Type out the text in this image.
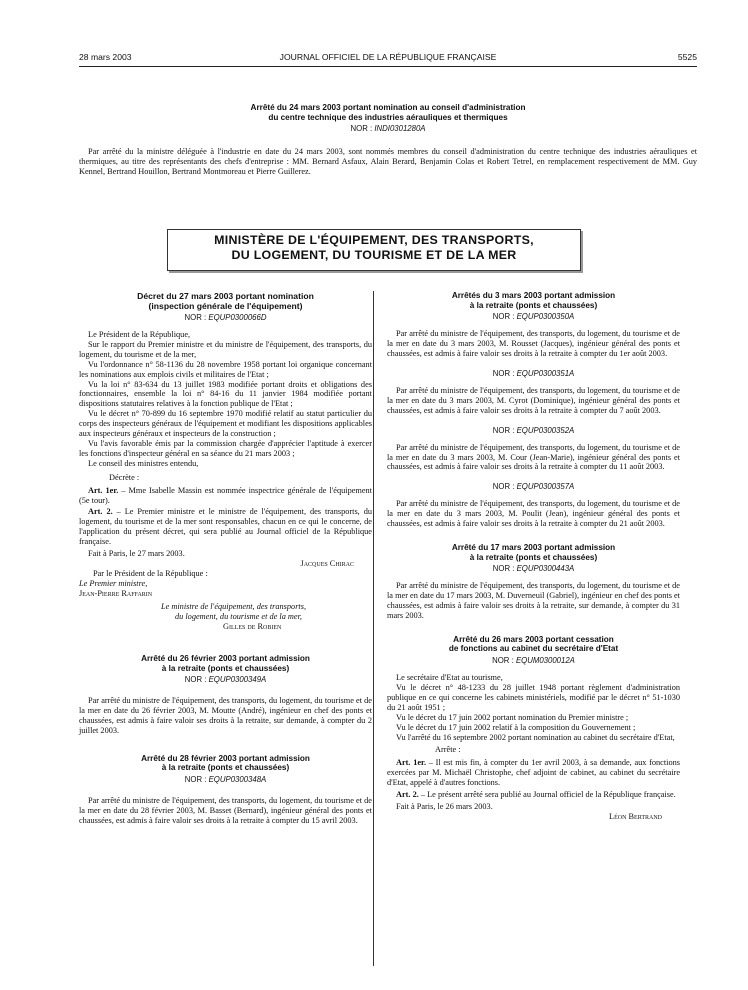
28 mars 2003	JOURNAL OFFICIEL DE LA RÉPUBLIQUE FRANÇAISE	5525
Arrêté du 24 mars 2003 portant nomination au conseil d'administration
du centre technique des industries aérauliques et thermiques
NOR : INDI0301280A

Par arrêté du la ministre déléguée à l'industrie en date du 24 mars 2003, sont nommés membres du conseil d'administration du centre technique des industries aérauliques et thermiques, au titre des représentants des chefs d'entreprise : MM. Bernard Asfaux, Alain Berard, Benjamin Colas et Robert Tetrel, en remplacement respectivement de MM. Guy Kennel, Bertrand Houillon, Bertrand Montmoreau et Pierre Guillerez.

MINISTÈRE DE L'ÉQUIPEMENT, DES TRANSPORTS,
DU LOGEMENT, DU TOURISME ET DE LA MER
Décret du 27 mars 2003 portant nomination
(inspection générale de l'équipement)
NOR : EQUP0300066D

Le Président de la République,

Sur le rapport du Premier ministre et du ministre de l'équipement, des transports, du logement, du tourisme et de la mer,

Vu l'ordonnance n° 58-1136 du 28 novembre 1958 portant loi organique concernant les nominations aux emplois civils et militaires de l'Etat ;

Vu la loi n° 83-634 du 13 juillet 1983 modifiée portant droits et obligations des fonctionnaires, ensemble la loi n° 84-16 du 11 janvier 1984 modifiée portant dispositions statutaires relatives à la fonction publique de l'Etat ;

Vu le décret n° 70-899 du 16 septembre 1970 modifié relatif au statut particulier du corps des inspecteurs généraux de l'équipement et modifiant les dispositions applicables aux inspecteurs généraux et inspecteurs de la construction ;

Vu l'avis favorable émis par la commission chargée d'apprécier l'aptitude à exercer les fonctions d'inspecteur général en sa séance du 21 mars 2003 ;

Le conseil des ministres entendu,

Décrète :

Art. 1er. – Mme Isabelle Massin est nommée inspectrice générale de l'équipement (5e tour).

Art. 2. – Le Premier ministre et le ministre de l'équipement, des transports, du logement, du tourisme et de la mer sont responsables, chacun en ce qui le concerne, de l'application du présent décret, qui sera publié au Journal officiel de la République française.

Fait à Paris, le 27 mars 2003.

Jacques Chirac
Par le Président de la République :
Le Premier ministre,
Jean-Pierre Raffarin
Le ministre de l'équipement, des transports,
du logement, du tourisme et de la mer,
Gilles de Robien
Arrêté du 26 février 2003 portant admission
à la retraite (ponts et chaussées)
NOR : EQUP0300349A

Par arrêté du ministre de l'équipement, des transports, du logement, du tourisme et de la mer en date du 26 février 2003, M. Moutte (André), ingénieur en chef des ponts et chaussées, est admis à faire valoir ses droits à la retraite, sur demande, à compter du 2 juillet 2003.

Arrêté du 28 février 2003 portant admission
à la retraite (ponts et chaussées)
NOR : EQUP0300348A

Par arrêté du ministre de l'équipement, des transports, du logement, du tourisme et de la mer en date du 28 février 2003, M. Basset (Bernard), ingénieur général des ponts et chaussées, est admis à faire valoir ses droits à la retraite à compter du 15 avril 2003.

Arrêtés du 3 mars 2003 portant admission
à la retraite (ponts et chaussées)
NOR : EQUP0300350A

Par arrêté du ministre de l'équipement, des transports, du logement, du tourisme et de la mer en date du 3 mars 2003, M. Rousset (Jacques), ingénieur général des ponts et chaussées, est admis à faire valoir ses droits à la retraite à compter du 1er août 2003.

NOR : EQUP0300351A

Par arrêté du ministre de l'équipement, des transports, du logement, du tourisme et de la mer en date du 3 mars 2003, M. Cyrot (Dominique), ingénieur général des ponts et chaussées, est admis à faire valoir ses droits à la retraite à compter du 7 août 2003.

NOR : EQUP0300352A

Par arrêté du ministre de l'équipement, des transports, du logement, du tourisme et de la mer en date du 3 mars 2003, M. Cour (Jean-Marie), ingénieur général des ponts et chaussées, est admis à faire valoir ses droits à la retraite à compter du 11 août 2003.

NOR : EQUP0300357A

Par arrêté du ministre de l'équipement, des transports, du logement, du tourisme et de la mer en date du 3 mars 2003, M. Poulit (Jean), ingénieur général des ponts et chaussées, est admis à faire valoir ses droits à la retraite à compter du 21 août 2003.

Arrêté du 17 mars 2003 portant admission
à la retraite (ponts et chaussées)
NOR : EQUP0300443A

Par arrêté du ministre de l'équipement, des transports, du logement, du tourisme et de la mer en date du 17 mars 2003, M. Duverneuil (Gabriel), ingénieur en chef des ponts et chaussées, est admis à faire valoir ses droits à la retraite, sur demande, à compter du 31 mars 2003.

Arrêté du 26 mars 2003 portant cessation
de fonctions au cabinet du secrétaire d'Etat
NOR : EQUM0300012A

Le secrétaire d'Etat au tourisme,

Vu le décret n° 48-1233 du 28 juillet 1948 portant règlement d'administration publique en ce qui concerne les cabinets ministériels, modifié par le décret n° 51-1030 du 21 août 1951 ;

Vu le décret du 17 juin 2002 portant nomination du Premier ministre ;

Vu le décret du 17 juin 2002 relatif à la composition du Gouvernement ;

Vu l'arrêté du 16 septembre 2002 portant nomination au cabinet du secrétaire d'Etat,

Arrête :

Art. 1er. – Il est mis fin, à compter du 1er avril 2003, à sa demande, aux fonctions exercées par M. Michaël Christophe, chef adjoint de cabinet, au cabinet du secrétaire d'Etat, appelé à d'autres fonctions.

Art. 2. – Le présent arrêté sera publié au Journal officiel de la République française.

Fait à Paris, le 26 mars 2003.

Léon Bertrand
